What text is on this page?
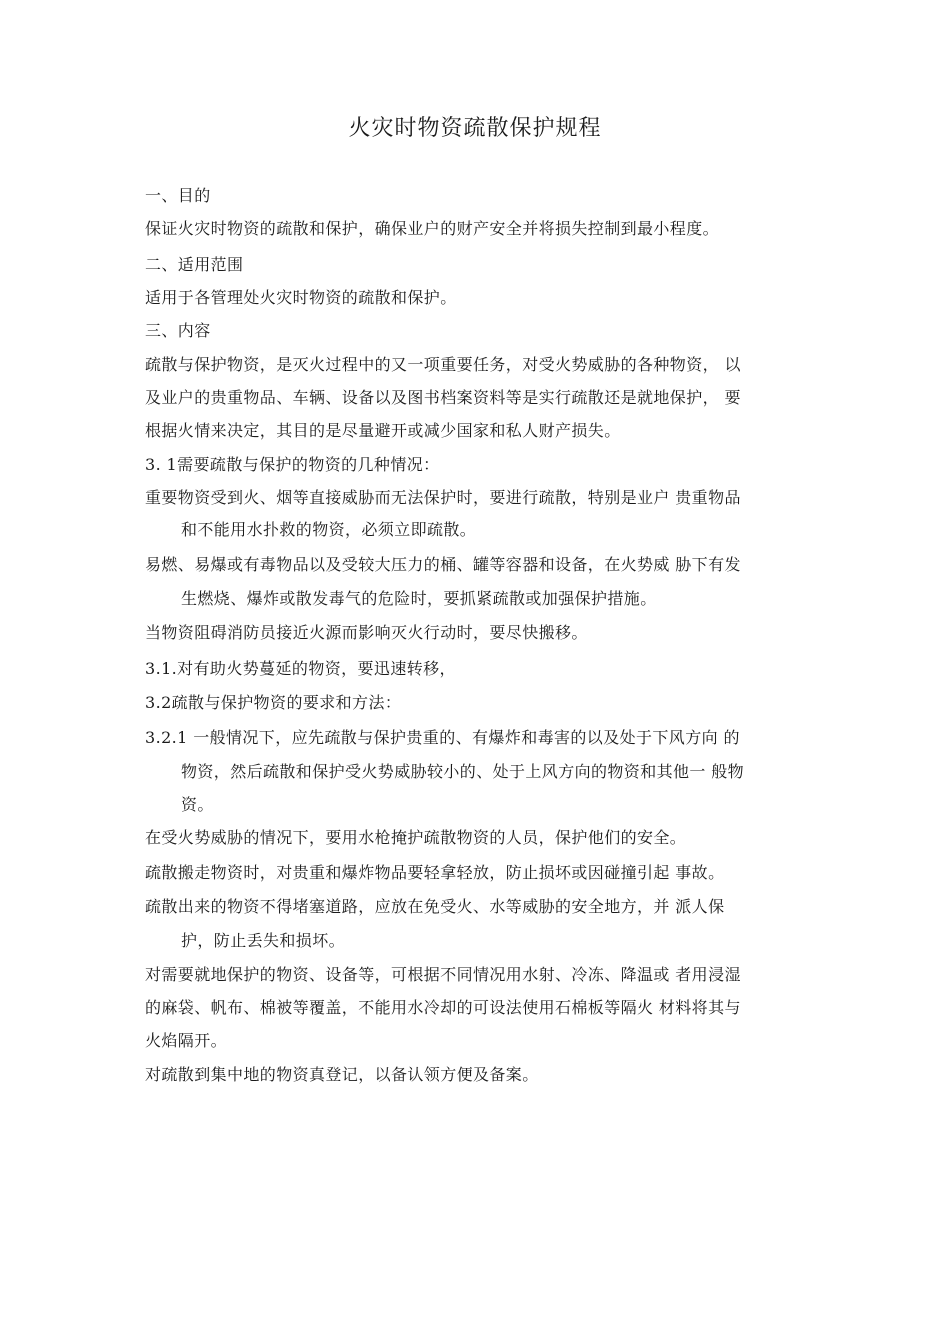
火灾时物资疏散保护规程
一、目的
保证火灾时物资的疏散和保护，确保业户的财产安全并将损失控制到最小程度。
二、适用范围
适用于各管理处火灾时物资的疏散和保护。
三、内容
疏散与保护物资，是灭火过程中的又一项重要任务，对受火势威胁的各种物资， 以
及业户的贵重物品、车辆、设备以及图书档案资料等是实行疏散还是就地保护， 要
根据火情来决定，其目的是尽量避开或减少国家和私人财产损失。
3. 1需要疏散与保护的物资的几种情况：
重要物资受到火、烟等直接威胁而无法保护时，要进行疏散，特别是业户 贵重物品
和不能用水扑救的物资，必须立即疏散。
易燃、易爆或有毒物品以及受较大压力的桶、罐等容器和设备，在火势威 胁下有发
生燃烧、爆炸或散发毒气的危险时，要抓紧疏散或加强保护措施。
当物资阻碍消防员接近火源而影响灭火行动时，要尽快搬移。
3.1.对有助火势蔓延的物资，要迅速转移，
3.2疏散与保护物资的要求和方法：
3.2.1 一般情况下，应先疏散与保护贵重的、有爆炸和毒害的以及处于下风方向 的
物资，然后疏散和保护受火势威胁较小的、处于上风方向的物资和其他一 般物
资。
在受火势威胁的情况下，要用水枪掩护疏散物资的人员，保护他们的安全。
疏散搬走物资时，对贵重和爆炸物品要轻拿轻放，防止损坏或因碰撞引起 事故。
疏散出来的物资不得堵塞道路，应放在免受火、水等威胁的安全地方，并 派人保
护，防止丢失和损坏。
对需要就地保护的物资、设备等，可根据不同情况用水射、冷冻、降温或 者用浸湿
的麻袋、帆布、棉被等覆盖，不能用水冷却的可设法使用石棉板等隔火 材料将其与
火焰隔开。
对疏散到集中地的物资真登记，以备认领方便及备案。
